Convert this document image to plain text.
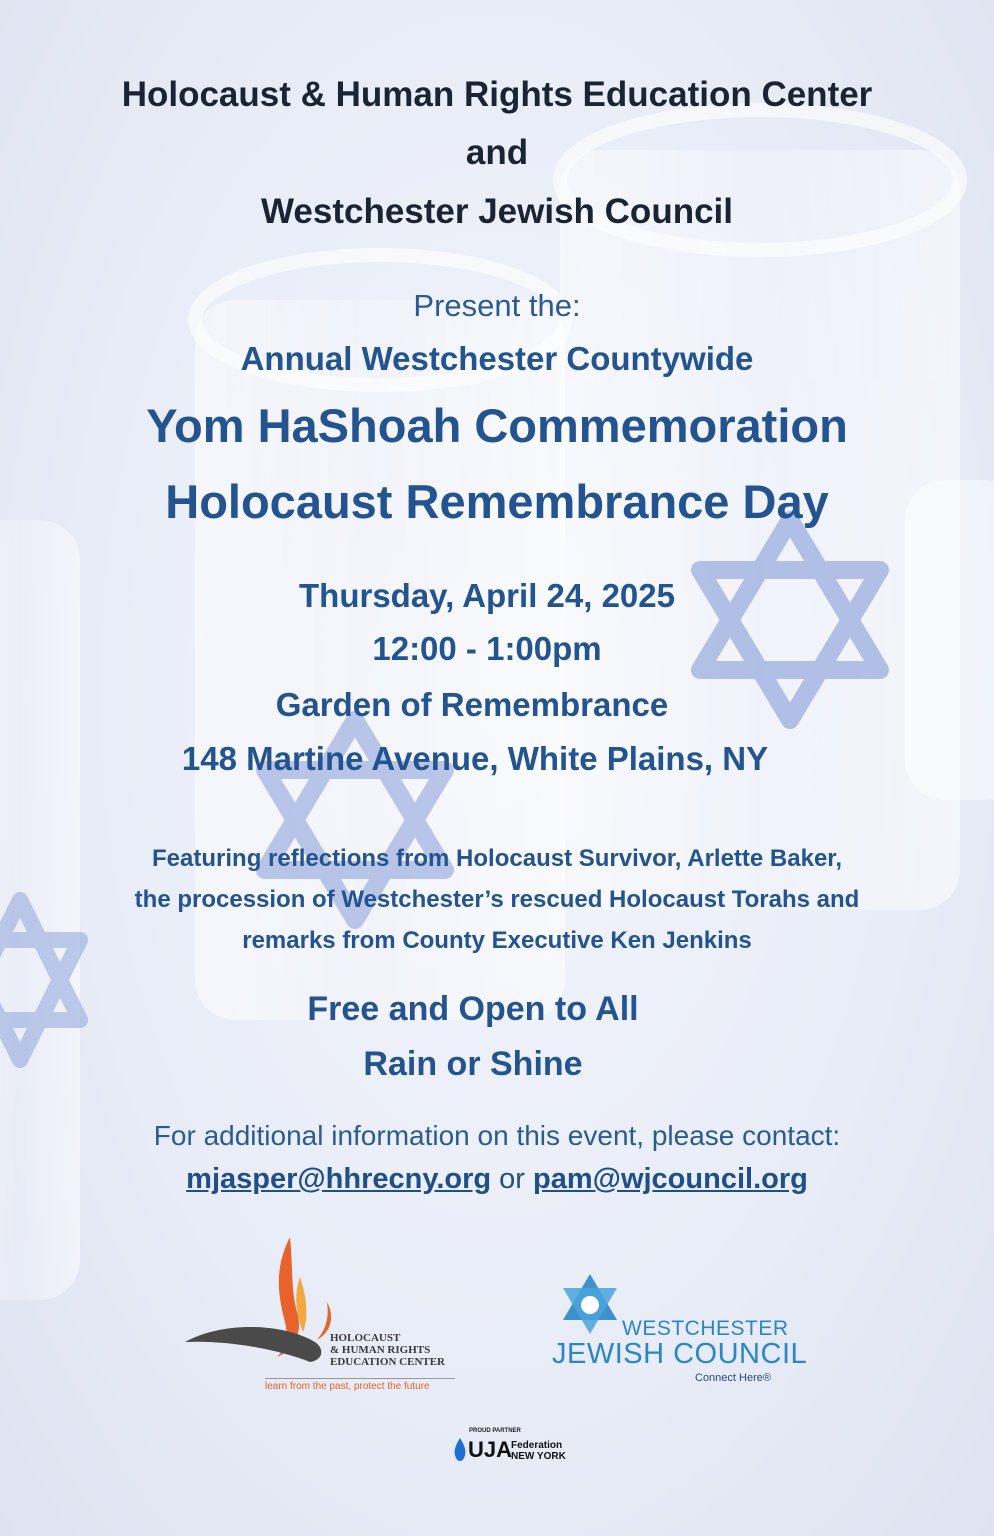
Holocaust & Human Rights Education Center
and
Westchester Jewish Council
Present the:
Annual Westchester Countywide
Yom HaShoah Commemoration
Holocaust Remembrance Day
Thursday, April 24, 2025
12:00 - 1:00pm
Garden of Remembrance
148 Martine Avenue, White Plains, NY
Featuring reflections from Holocaust Survivor, Arlette Baker,
the procession of Westchester’s rescued Holocaust Torahs and
remarks from County Executive Ken Jenkins
Free and Open to All
Rain or Shine
For additional information on this event, please contact:
mjasper@hhrecny.org or pam@wjcouncil.org
HOLOCAUST
& HUMAN RIGHTS
EDUCATION CENTER
learn from the past, protect the future
WESTCHESTER
JEWISH COUNCIL
Connect Here®
PROUD PARTNER
UJA
Federation
NEW YORK
